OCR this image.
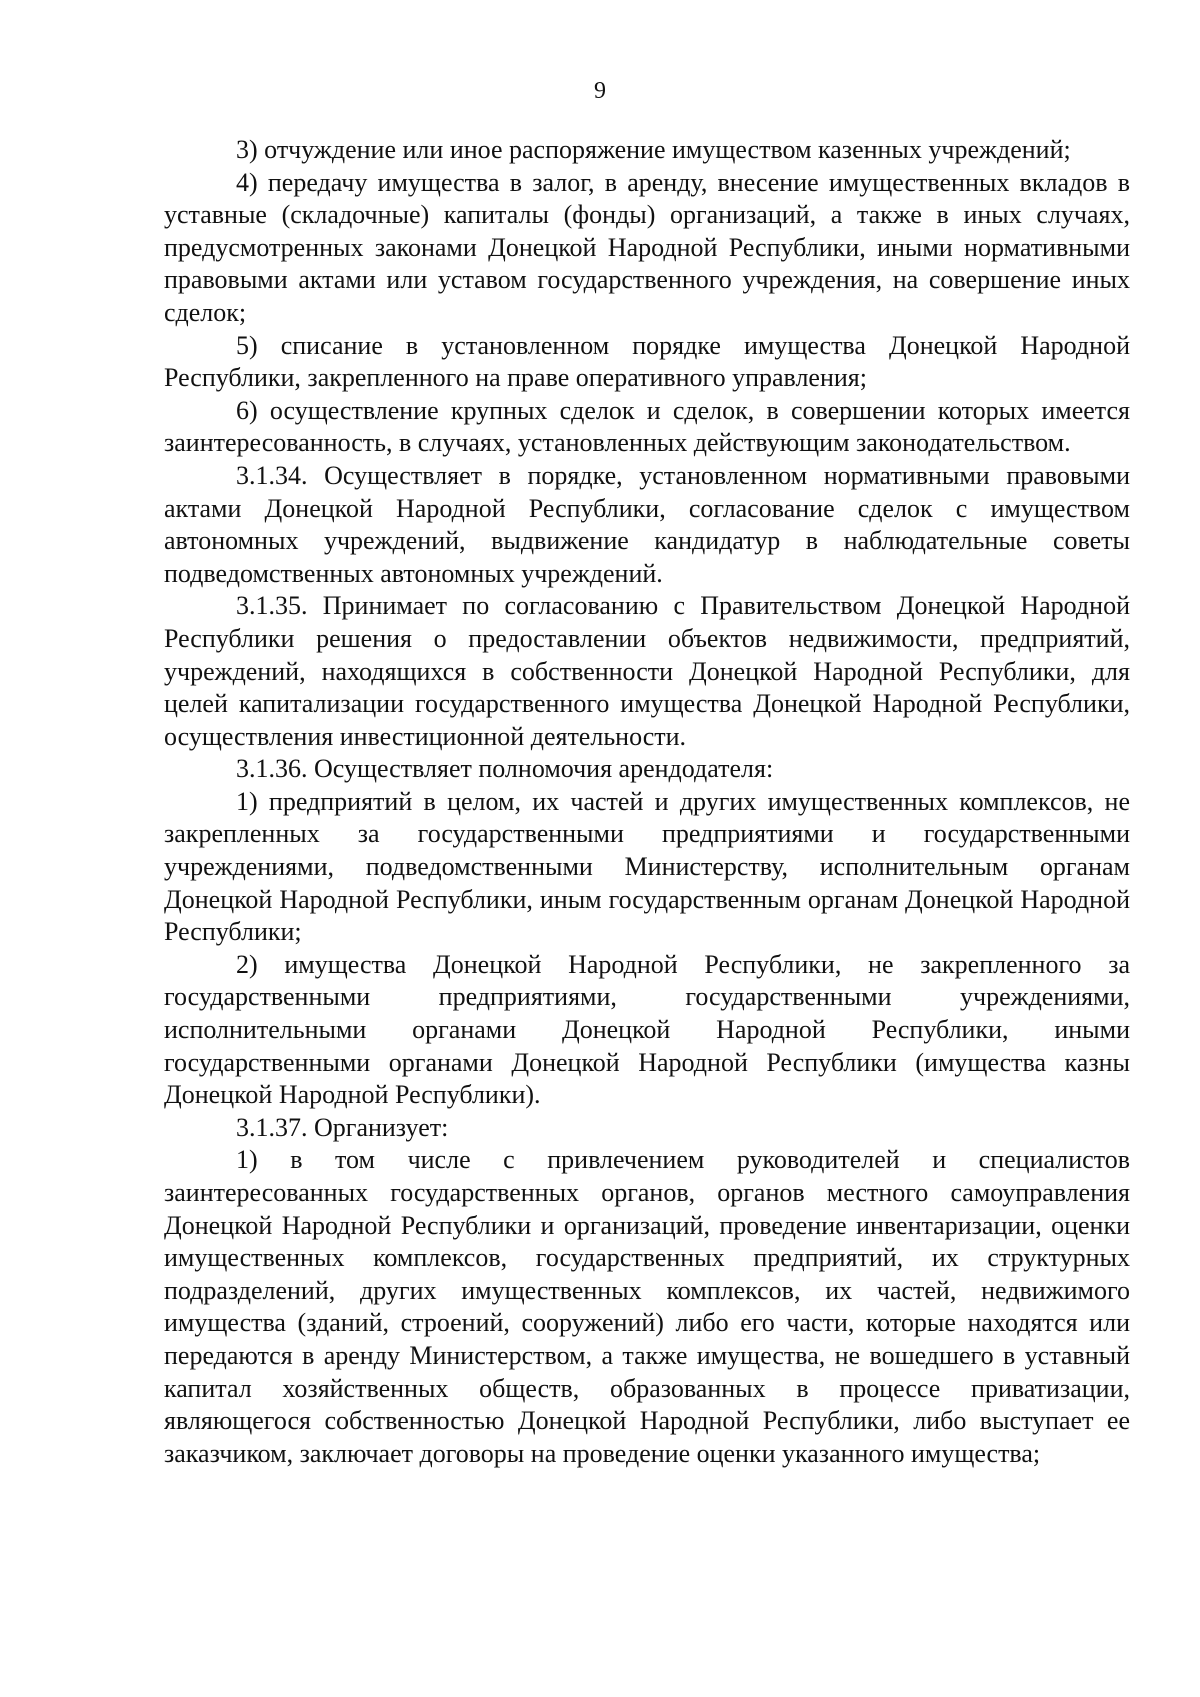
9

3) отчуждение или иное распоряжение имуществом казенных учреждений;

4) передачу имущества в залог, в аренду, внесение имущественных вкладов в уставные (складочные) капиталы (фонды) организаций, а также в иных случаях, предусмотренных законами Донецкой Народной Республики, иными нормативными правовыми актами или уставом государственного учреждения, на совершение иных сделок;

5) списание в установленном порядке имущества Донецкой Народной Республики, закрепленного на праве оперативного управления;

6) осуществление крупных сделок и сделок, в совершении которых имеется заинтересованность, в случаях, установленных действующим законодательством.

3.1.34. Осуществляет в порядке, установленном нормативными правовыми актами Донецкой Народной Республики, согласование сделок с имуществом автономных учреждений, выдвижение кандидатур в наблюдательные советы подведомственных автономных учреждений.

3.1.35. Принимает по согласованию с Правительством Донецкой Народной Республики решения о предоставлении объектов недвижимости, предприятий, учреждений, находящихся в собственности Донецкой Народной Республики, для целей капитализации государственного имущества Донецкой Народной Республики, осуществления инвестиционной деятельности.

3.1.36. Осуществляет полномочия арендодателя:

1) предприятий в целом, их частей и других имущественных комплексов, не закрепленных за государственными предприятиями и государственными учреждениями, подведомственными Министерству, исполнительным органам Донецкой Народной Республики, иным государственным органам Донецкой Народной Республики;

2) имущества Донецкой Народной Республики, не закрепленного за государственными предприятиями, государственными учреждениями, исполнительными органами Донецкой Народной Республики, иными государственными органами Донецкой Народной Республики (имущества казны Донецкой Народной Республики).

3.1.37. Организует:

1) в том числе с привлечением руководителей и специалистов заинтересованных государственных органов, органов местного самоуправления Донецкой Народной Республики и организаций, проведение инвентаризации, оценки имущественных комплексов, государственных предприятий, их структурных подразделений, других имущественных комплексов, их частей, недвижимого имущества (зданий, строений, сооружений) либо его части, которые находятся или передаются в аренду Министерством, а также имущества, не вошедшего в уставный капитал хозяйственных обществ, образованных в процессе приватизации, являющегося собственностью Донецкой Народной Республики, либо выступает ее заказчиком, заключает договоры на проведение оценки указанного имущества;
